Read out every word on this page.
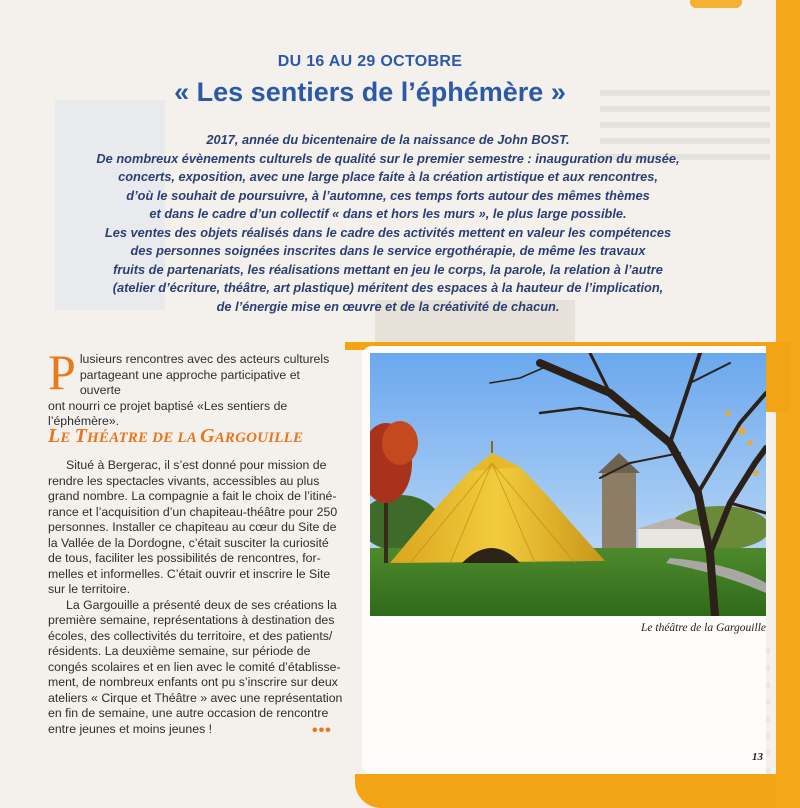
DU 16 AU 29 OCTOBRE
« Les sentiers de l’éphémère »
2017, année du bicentenaire de la naissance de John BOST.
De nombreux évènements culturels de qualité sur le premier semestre : inauguration du musée,
concerts, exposition, avec une large place faite à la création artistique et aux rencontres,
d’où le souhait de poursuivre, à l’automne, ces temps forts autour des mêmes thèmes
et dans le cadre d’un collectif « dans et hors les murs », le plus large possible.
Les ventes des objets réalisés dans le cadre des activités mettent en valeur les compétences
des personnes soignées inscrites dans le service ergothérapie, de même les travaux
fruits de partenariats, les réalisations mettant en jeu le corps, la parole, la relation à l’autre
(atelier d’écriture, théâtre, art plastique) méritent des espaces à la hauteur de l’implication,
de l’énergie mise en œuvre et de la créativité de chacun.
P lusieurs rencontres avec des acteurs culturels
partageant une approche participative et ouverte
ont nourri ce projet baptisé «Les sentiers de
l’éphémère».
LE THÉATRE DE LA GARGOUILLE
Situé à Bergerac, il s’est donné pour mission de
rendre les spectacles vivants, accessibles au plus
grand nombre. La compagnie a fait le choix de l’itiné-
rance et l’acquisition d’un chapiteau-théâtre pour 250
personnes. Installer ce chapiteau au cœur du Site de
la Vallée de la Dordogne, c’était susciter la curiosité
de tous, faciliter les possibilités de rencontres, for-
melles et informelles. C’était ouvrir et inscrire le Site
sur le territoire.
La Gargouille a présenté deux de ses créations la
première semaine, représentations à destination des
écoles, des collectivités du territoire, et des patients/
résidents. La deuxième semaine, sur période de
congés scolaires et en lien avec le comité d’établisse-
ment, de nombreux enfants ont pu s’inscrire sur deux
ateliers « Cirque et Théâtre » avec une représentation
en fin de semaine, une autre occasion de rencontre
entre jeunes et moins jeunes !	•••
Le théâtre de la Gargouille
13
